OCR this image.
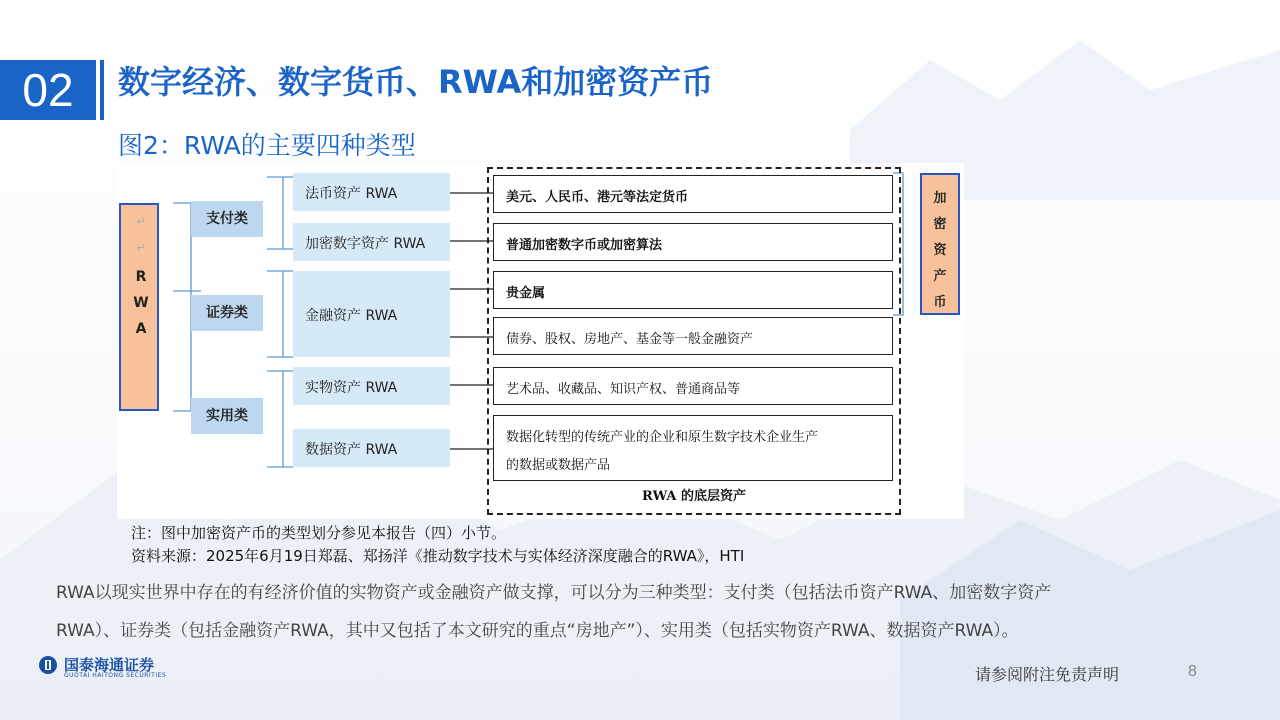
02	数字经济、数字货币、RWA和加密资产币
图2：RWA的主要四种类型
↵
↵
R
W
A
支付类
证券类
实用类
法币资产 RWA
加密数字资产 RWA
金融资产 RWA
实物资产 RWA
数据资产 RWA
美元、人民币、港元等法定货币
普通加密数字币或加密算法
贵金属
债券、股权、房地产、基金等一般金融资产
艺术品、收藏品、知识产权、普通商品等
数据化转型的传统产业的企业和原生数字技术企业生产
的数据或数据产品
RWA 的底层资产
加
密
资
产
币
注：图中加密资产币的类型划分参见本报告（四）小节。
资料来源：2025年6月19日郑磊、郑扬洋《推动数字技术与实体经济深度融合的RWA》，HTI
RWA以现实世界中存在的有经济价值的实物资产或金融资产做支撑，可以分为三种类型：支付类（包括法币资产RWA、加密数字资产
RWA）、证券类（包括金融资产RWA，其中又包括了本文研究的重点“房地产”）、实用类（包括实物资产RWA、数据资产RWA）。
国泰海通证券
GUOTAI HAITONG SECURITIES	请参阅附注免责声明	8
